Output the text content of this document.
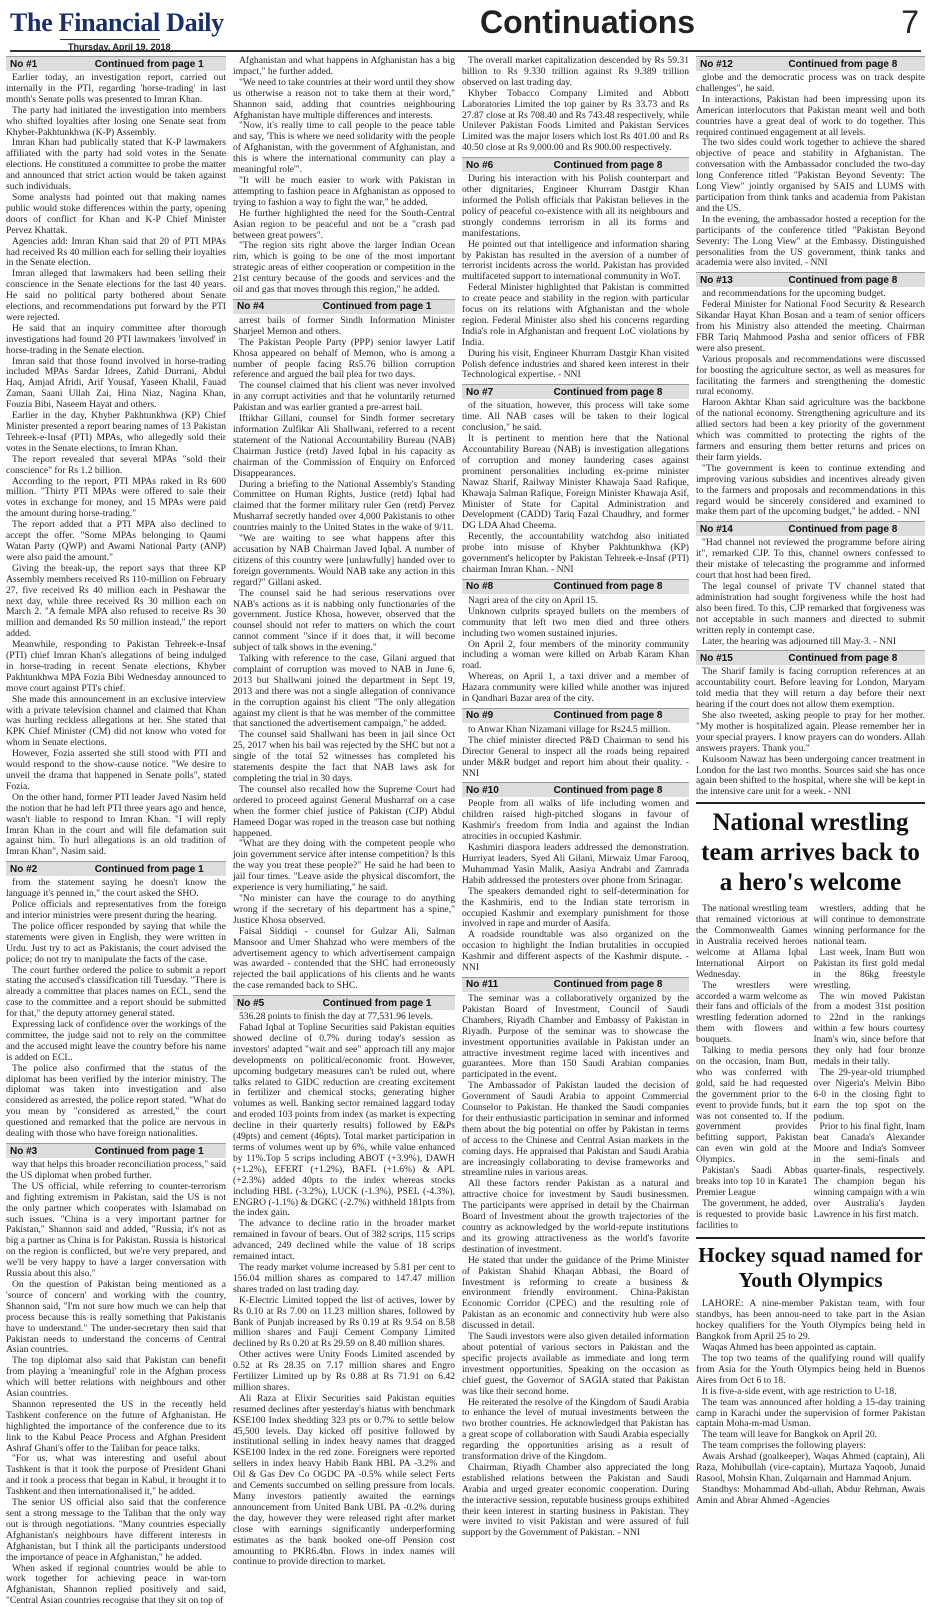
The Financial Daily
Thursday, April 19, 2018
Continuations	7
No #1	Continued from page 1

Earlier today, an investigation report, carried out internally in the PTI, regarding 'horse-trading' in last month's Senate polls was presented to Imran Khan.

The party had initiated the investigation into members who shifted loyalties after losing one Senate seat from Khyber-Pakhtunkhwa (K-P) Assembly.

Imran Khan had publically stated that K-P lawmakers affiliated with the party had sold votes in the Senate elections. He constituted a committee to probe the matter and announced that strict action would be taken against such individuals.

Some analysts had pointed out that making names public would stoke differences within the party, opening doors of conflict for Khan and K-P Chief Minister Pervez Khattak.

Agencies add: Imran Khan said that 20 of PTI MPAs had received Rs 40 million each for selling their loyalties in the Senate election.

Imran alleged that lawmakers had been selling their conscience in the Senate elections for the last 40 years. He said no political party bothered about Senate elections, and recommendations put forward by the PTI were rejected.

He said that an inquiry committee after thorough investigations had found 20 PTI lawmakers 'involved' in horse-trading in the Senate election.

Imran said that those found involved in horse-trading included MPAs Sardar Idrees, Zahid Durrani, Abdul Haq, Amjad Afridi, Arif Yousaf, Yaseen Khalil, Fauad Zaman, Saani Ullah Zai, Hina Niaz, Nagina Khan, Fouzia Bibi, Naseem Hayat and others.

Earlier in the day, Khyber Pakhtunkhwa (KP) Chief Minister presented a report bearing names of 13 Pakistan Tehreek-e-Insaf (PTI) MPAs, who allegedly sold their votes in the Senate elections, to Imran Khan.

The report revealed that several MPAs "sold their conscience" for Rs 1.2 billion.

According to the report, PTI MPAs raked in Rs 600 million. "Thirty PTI MPAs were offered to sale their votes in exchange for money, and 15 MPAs were paid the amount during horse-trading."

The report added that a PTI MPA also declined to accept the offer. "Some MPAs belonging to Qaumi Watan Party (QWP) and Awami National Party (ANP) were also paid the amount."

Giving the break-up, the report says that three KP Assembly members received Rs 110-million on February 27, five received Rs 40 million each in Peshawar the next day, while three received Rs 30 million each on March 2. "A female MPA also refused to receive Rs 30 million and demanded Rs 50 million instead," the report added.

Meanwhile, responding to Pakistan Tehreek-e-Insaf (PTI) chief Imran Khan's allegations of being indulged in horse-trading in recent Senate elections, Khyber Pakhtunkhwa MPA Fozia Bibi Wednesday announced to move court against PTI's chief.

She made this announcement in an exclusive interview with a private television channel and claimed that Khan was hurling reckless allegations at her. She stated that KPK Chief Minister (CM) did not know who voted for whom in Senate elections.

However, Fozia asserted she still stood with PTI and would respond to the show-cause notice. "We desire to unveil the drama that happened in Senate polls", stated Fozia.

On the other hand, former PTI leader Javed Nasim held the notion that he had left PTI three years ago and hence, wasn't liable to respond to Imran Khan. "I will reply Imran Khan in the court and will file defamation suit against him. To hurl allegations is an old tradition of Imran Khan", Nasim said.

No #2	Continued from page 1

from the statement saying he doesn't know the language it's penned in," the court asked the SHO.

Police officials and representatives from the foreign and interior ministries were present during the hearing.

The police officer responded by saying that while the statements were given in English, they were written in Urdu. Just try to act as Pakistanis, the court advised the police; do not try to manipulate the facts of the case.

The court further ordered the police to submit a report stating the accused's classification till Tuesday. "There is already a committee that places names on ECL, send the case to the committee and a report should be submitted for that," the deputy attorney general stated.

Expressing lack of confidence over the workings of the committee, the judge said not to rely on the committee and the accused might leave the country before his name is added on ECL.

The police also confirmed that the status of the diplomat has been verified by the interior ministry. The diplomat was taken into investigation and also considered as arrested, the police report stated. "What do you mean by "considered as arrested," the court questioned and remarked that the police are nervous in dealing with those who have foreign nationalities.

No #3	Continued from page 1

way that helps this broader reconciliation process," said the US diplomat when probed further.

The US official, while referring to counter-terrorism and fighting extremism in Pakistan, said the US is not the only partner which cooperates with Islamabad on such issues. "China is a very important partner for Pakistan," Shannon said and added, "Russia, it's not as big a partner as China is for Pakistan. Russia is historical on the region is conflicted, but we're very prepared, and we'll be very happy to have a larger conversation with Russia about this also."

On the question of Pakistan being mentioned as a 'source of concern' and working with the country, Shannon said, "I'm not sure how much we can help that process because this is really something that Pakistanis have to understand." The under-secretary then said that Pakistan needs to understand the concerns of Central Asian countries.

The top diplomat also said that Pakistan can benefit from playing a 'meaningful' role in the Afghan process which will better relations with neighbours and other Asian countries.

Shannon represented the US in the recently held Tashkent conference on the future of Afghanistan. He highlighted the importance of the conference due to its link to the Kabul Peace Process and Afghan President Ashraf Ghani's offer to the Taliban for peace talks.

"For us, what was interesting and useful about Tashkent is that it took the purpose of President Ghani and it took a process that began in Kabul, it brought it to Tashkent and then internationalised it," he added.

The senior US official also said that the conference sent a strong message to the Taliban that the only way out is through negotiations. "Many countries especially Afghanistan's neighbours have different interests in Afghanistan, but I think all the participants understood the importance of peace in Afghanistan," he added.

When asked if regional countries would be able to work together for achieving peace in war-torn Afghanistan, Shannon replied positively and said, "Central Asian countries recognise that they sit on top of

Afghanistan and what happens in Afghanistan has a big impact," he further added.

"We need to take countries at their word until they show us otherwise a reason not to take them at their word," Shannon said, adding that countries neighbouring Afghanistan have multiple differences and interests.

"Now, it's really time to call people to the peace table and say, 'This is where we need solidarity with the people of Afghanistan, with the government of Afghanistan, and this is where the international community can play a meaningful role'".

"It will be much easier to work with Pakistan in attempting to fashion peace in Afghanistan as opposed to trying to fashion a way to fight the war," he added.

He further highlighted the need for the South-Central Asian region to be peaceful and not be a "crash pad between great powers".

"The region sits right above the larger Indian Ocean rim, which is going to be one of the most important strategic areas of either cooperation or competition in the 21st century because of the goods and services and the oil and gas that moves through this region," he added.

No #4	Continued from page 1

arrest bails of former Sindh Information Minister Sharjeel Memon and others.

The Pakistan People Party (PPP) senior lawyer Latif Khosa appeared on behalf of Memon, who is among a number of people facing Rs5.76 billion corruption reference and argued the bail plea for two days.

The counsel claimed that his client was never involved in any corrupt activities and that he voluntarily returned Pakistan and was earlier granted a pre-arrest bail.

Iftikhar Gillani, counsel for Sindh former secretary information Zulfikar Ali Shallwani, referred to a recent statement of the National Accountability Bureau (NAB) Chairman Justice (retd) Javed Iqbal in his capacity as chairman of the Commission of Enquiry on Enforced Disappearances.

During a briefing to the National Assembly's Standing Committee on Human Rights, Justice (retd) Iqbal had claimed that the former military ruler Gen (retd) Pervez Musharraf secretly handed over 4,000 Pakistanis to other countries mainly to the United States in the wake of 9/11.

"We are waiting to see what happens after this accusation by NAB Chairman Javed Iqbal. A number of citizens of this country were [unlawfully] handed over to foreign governments. Would NAB take any action in this regard?" Gillani asked.

The counsel said he had serious reservations over NAB's actions as it is nabbing only functionaries of the government. Justice Khosa, however, observed that the counsel should not refer to matters on which the court cannot comment "since if it does that, it will become subject of talk shows in the evening."

Talking with reference to the case, Gilani argued that complaint of corruption was moved to NAB in June 6, 2013 but Shallwani joined the department in Sept 19, 2013 and there was not a single allegation of connivance in the corruption against his client "The only allegation against my client is that he was member of the committee that sanctioned the advertisement campaign," he added.

The counsel said Shallwani has been in jail since Oct 25, 2017 when his bail was rejected by the SHC but not a single of the total 52 witnesses has completed his statements despite the fact that NAB laws ask for completing the trial in 30 days.

The counsel also recalled how the Supreme Court had ordered to proceed against General Musharraf on a case when the former chief justice of Pakistan (CJP) Abdul Hameed Dogar was roped in the treason case but nothing happened.

"What are they doing with the competent people who join government service after intense competition? Is this the way you treat these people?" He said he had been to jail four times. "Leave aside the physical discomfort, the experience is very humiliating," he said.

"No minister can have the courage to do anything wrong if the secretary of his department has a spine," Justice Khosa observed.

Faisal Siddiqi - counsel for Gulzar Ali, Salman Mansoor and Umer Shahzad who were members of the advertisement agency to which advertisement campaign was awarded - contended that the SHC had erroneously rejected the bail applications of his clients and he wants the case remanded back to SHC.

No #5	Continued from page 1

536.28 points to finish the day at 77,531.96 levels.

Fahad Iqbal at Topline Securities said Pakistan equities showed decline of 0.7% during today's session as investors' adapted "wait and see" approach till any major developments on political/economic front. However, upcoming budgetary measures can't be ruled out, where talks related to GIDC reduction are creating excitement in fertilizer and chemical stocks, generating higher volumes as well. Banking sector remained laggard today and eroded 103 points from index (as market is expecting decline in their quarterly results) followed by E&Ps (49pts) and cement (46pts). Total market participation in terms of volumes went up by 6%, while value enhanced by 11%.Top 5 scrips including ABOT (+3.9%), DAWH (+1.2%), EFERT (+1.2%), BAFL (+1.6%) & APL (+2.3%) added 40pts to the index whereas stocks including HBL (-3.2%), LUCK (-1.3%), PSEL (-4.3%), ENGRO (-1.1%) & DGKC (-2.7%) withheld 181pts from the index gain.

The advance to decline ratio in the broader market remained in favour of bears. Out of 382 scrips, 115 scrips advanced, 249 declined while the value of 18 scrips remained intact.

The ready market volume increased by 5.81 per cent to 156.04 million shares as compared to 147.47 million shares traded on last trading day.

K-Electric Limited topped the list of actives, lower by Rs 0.10 at Rs 7.00 on 11.23 million shares, followed by Bank of Punjab increased by Rs 0.19 at Rs 9.54 on 8.58 million shares and Fauji Cement Company Limited declined by Rs 0.20 at Rs 29.59 on 8.40 million shares.

Other actives were Unity Foods Limited ascended by 0.52 at Rs 28.35 on 7.17 million shares and Engro Fertilizer Limited up by Rs 0.88 at Rs 71.91 on 6.42 million shares.

Ali Raza at Elixir Securities said Pakistan equities resumed declines after yesterday's hiatus with benchmark KSE100 Index shedding 323 pts or 0.7% to settle below 45,500 levels. Day kicked off positive followed by institutional selling in index heavy names that dragged KSE100 Index in the red zone. Foreigners were reported sellers in index heavy Habib Bank HBL PA -3.2% and Oil & Gas Dev Co OGDC PA -0.5% while select Ferts and Cements succumbed on selling pressure from locals. Many investors patiently awaited the earnings announcement from United Bank UBL PA -0.2% during the day, however they were released right after market close with earnings significantly underperforming estimates as the bank booked one-off Pension cost amounting to PKR6.4bn. Flows in index names will continue to provide direction to market.

The overall market capitalization descended by Rs 59.31 billion to Rs 9.330 trillion against Rs 9.389 trillion observed on last trading day.

Khyber Tobacco Company Limited and Abbott Laboratories Limited the top gainer by Rs 33.73 and Rs 27.87 close at Rs 708.40 and Rs 743.48 respectively, while Unilever Pakistan Foods Limited and Pakistan Services Limited was the major losers which lost Rs 401.00 and Rs 40.50 close at Rs 9,000.00 and Rs 900.00 respectively.

No #6	Continued from page 8

During his interaction with his Polish counterpart and other dignitaries, Engineer Khurram Dastgir Khan informed the Polish officials that Pakistan believes in the policy of peaceful co-existence with all its neighbours and strongly condemns terrorism in all its forms and manifestations.

He pointed out that intelligence and information sharing by Pakistan has resulted in the aversion of a number of terrorist incidents across the world. Pakistan has provided multifaceted support to international community in WoT.

Federal Minister highlighted that Pakistan is committed to create peace and stability in the region with particular focus on its relations with Afghanistan and the whole region. Federal Minister also shed his concerns regarding India's role in Afghanistan and frequent LoC violations by India.

During his visit, Engineer Khurram Dastgir Khan visited Polish defence industries and shared keen interest in their Technological expertise. - NNI

No #7	Continued from page 8

of the situation, however, this process will take some time. All NAB cases will be taken to their logical conclusion," he said.

It is pertinent to mention here that the National Accountability Bureau (NAB) is investigation allegations of corruption and money laundering cases against prominent personalities including ex-prime minister Nawaz Sharif, Railway Minister Khawaja Saad Rafique, Khawaja Salman Rafique, Foreign Minister Khawaja Asif, Minister of State for Capital Administration and Development (CADD) Tariq Fazal Chaudhry, and former DG LDA Ahad Cheema.

Recently, the accountability watchdog also initiated probe into misuse of Khyber Pakhtunkhwa (KP) government's helicopter by Pakistan Tehreek-e-Insaf (PTI) chairman Imran Khan. - NNI

No #8	Continued from page 8

Nagri area of the city on April 15.

Unknown culprits sprayed bullets on the members of community that left two men died and three others including two women sustained injuries.

On April 2, four members of the minority community including a woman were killed on Arbab Karam Khan road.

Whereas, on April 1, a taxi driver and a member of Hazara community were killed while another was injured in Qandhari Bazar area of the city.

No #9	Continued from page 8

to Anwar Khan Nizamani village for Rs24.5 million.

The chief minister directed P&D Chairman to send his Director General to inspect all the roads being repaired under M&R budget and report him about their quality. - NNI

No #10	Continued from page 8

People from all walks of life including women and children raised high-pitched slogans in favour of Kashmir's freedom from India and against the Indian atrocities in occupied Kashmir.

Kashmiri diaspora leaders addressed the demonstration. Hurriyat leaders, Syed Ali Gilani, Mirwaiz Umar Farooq, Muhammad Yasin Malik, Aasiya Andrabi and Zamrada Habib addressed the protesters over phone from Srinagar.

The speakers demanded right to self-determination for the Kashmiris, end to the Indian state terrorism in occupied Kashmir and exemplary punishment for those involved in rape and murder of Aasifa.

A roadside roundtable was also organized on the occasion to highlight the Indian brutalities in occupied Kashmir and different aspects of the Kashmir dispute. - NNI

No #11	Continued from page 8

The seminar was a collaboratively organized by the Pakistan Board of Investment, Council of Saudi Chambers, Riyadh Chamber and Embassy of Pakistan in Riyadh. Purpose of the seminar was to showcase the investment opportunities available in Pakistan under an attractive investment regime laced with incentives and guarantees. More than 150 Saudi Arabian companies participated in the event.

The Ambassador of Pakistan lauded the decision of Government of Saudi Arabia to appoint Commercial Counselor to Pakistan. He thanked the Saudi companies for their enthusiastic participation in seminar and informed them about the big potential on offer by Pakistan in terms of access to the Chinese and Central Asian markets in the coming days. He appraised that Pakistan and Saudi Arabia are increasingly collaborating to devise frameworks and streamline rules in various areas.

All these factors render Pakistan as a natural and attractive choice for investment by Saudi businessmen. The participants were apprised in detail by the Chairman Board of Investment about the growth trajectories of the country as acknowledged by the world-repute institutions and its growing attractiveness as the world's favorite destination of investment.

He stated that under the guidance of the Prime Minister of Pakistan Shahid Khaqan Abbasi, the Board of Investment is reforming to create a business & environment friendly environment. China-Pakistan Economic Corridor (CPEC) and the resulting role of Pakistan as an economic and connectivity hub were also discussed in detail.

The Saudi investors were also given detailed information about potential of various sectors in Pakistan and the specific projects available as immediate and long term investment opportunities. Speaking on the occasion as chief guest, the Governor of SAGIA stated that Pakistan was like their second home.

He reiterated the resolve of the Kingdom of Saudi Arabia to enhance the level of mutual investments between the two brother countries. He acknowledged that Pakistan has a great scope of collaboration with Saudi Arabia especially regarding the opportunities arising as a result of transformation drive of the Kingdom.

Chairman, Riyadh Chamber also appreciated the long established relations between the Pakistan and Saudi Arabia and urged greater economic cooperation. During the interactive session, reputable business groups exhibited their keen interest in starting business in Pakistan. They were invited to visit Pakistan and were assured of full support by the Government of Pakistan. - NNI

No #12	Continued from page 8

globe and the democratic process was on track despite challenges", he said.

In interactions, Pakistan had been impressing upon its American interlocutors that Pakistan meant well and both countries have a great deal of work to do together. This required continued engagement at all levels.

The two sides could work together to achieve the shared objective of peace and stability in Afghanistan. The conversation with the Ambassador concluded the two-day long Conference titled "Pakistan Beyond Seventy: The Long View" jointly organised by SAIS and LUMS with participation from think tanks and academia from Pakistan and the US.

In the evening, the ambassador hosted a reception for the participants of the conference titled "Pakistan Beyond Seventy: The Long View" at the Embassy. Distinguished personalities from the US government, think tanks and academia were also invited. - NNI

No #13	Continued from page 8

and recommendations for the upcoming budget.

Federal Minister for National Food Security & Research Sikandar Hayat Khan Bosan and a team of senior officers from his Ministry also attended the meeting. Chairman FBR Tariq Mahmood Pasha and senior officers of FBR were also present.

Various proposals and recommendations were discussed for boosting the agriculture sector, as well as measures for facilitating the farmers and strengthening the domestic rural economy.

Haroon Akhtar Khan said agriculture was the backbone of the national economy. Strengthening agriculture and its allied sectors had been a key priority of the government which was committed to protecting the rights of the farmers and ensuring them better returns and prices on their farm yields.

"The government is keen to continue extending and improving various subsidies and incentives already given to the farmers and proposals and recommendations in this regard would be sincerely considered and examined to make them part of the upcoming budget," he added. - NNI

No #14	Continued from page 8

"Had channel not reviewed the programme before airing it", remarked CJP. To this, channel owners confessed to their mistake of telecasting the programme and informed court that host had been fired.

The legal counsel of private TV channel stated that administration had sought forgiveness while the host had also been fired. To this, CJP remarked that forgiveness was not acceptable in such manners and directed to submit written reply in contempt case.

Later, the hearing was adjourned till May-3. - NNI

No #15	Continued from page 8

The Sharif family is facing corruption references at an accountability court. Before leaving for London, Maryam told media that they will return a day before their next hearing if the court does not allow them exemption.

She also tweeted, asking people to pray for her mother. "My mother is hospitalized again. Please remember her in your special prayers. I know prayers can do wonders. Allah answers prayers. Thank you."

Kulsoom Nawaz has been undergoing cancer treatment in London for the last two months. Sources said she has once again been shifted to the hospital, where she will be kept in the intensive care unit for a week. - NNI

National wrestling team arrives back to a hero's welcome

The national wrestling team that remained victorious at the Commonwealth Games in Australia received heroes welcome at Allama Iqbal International Airport on Wednesday.

The wrestlers were accorded a warm welcome as their fans and officials of the wrestling federation adorned them with flowers and bouquets.

Talking to media persons on the occasion, Inam Butt, who was conferred with gold, said he had requested the government prior to the event to provide funds, but it was not consented to. If the government provides befitting support, Pakistan can even win gold at the Olympics.

Pakistan's Saadi Abbas breaks into top 10 in Karate1 Premier League

The government, he added, is requested to provide basic facilities to

wrestlers, adding that he will continue to demonstrate winning performance for the national team.

Last week, Inam Butt won Pakistan its first gold medal in the 86kg freestyle wrestling.

The win moved Pakistan from a modest 31st position to 22nd in the rankings within a few hours courtesy Inam's win, since before that they only had four bronze medals in their tally.

The 29-year-old triumphed over Nigeria's Melvin Bibo 6-0 in the closing fight to earn the top spot on the podium.

Prior to his final fight, Inam beat Canada's Alexander Moore and India's Somveer in the semi-finals and quarter-finals, respectively. The champion began his winning campaign with a win over Australia's Jayden Lawrence in his first match.

Hockey squad named for Youth Olympics

LAHORE: A nine-member Pakistan team, with four standbys, has been annou-need to take part in the Asian hockey qualifiers for the Youth Olympics being held in Bangkok from April 25 to 29.

Waqas Ahmed has been appointed as captain.

The top two teams of the qualifying round will qualify from Asia for the Youth Olympics being held in Buenos Aires from Oct 6 to 18.

It is five-a-side event, with age restriction to U-18.

The team was announced after holding a 15-day training camp in Karachi under the supervision of former Pakistan captain Moha-m-mad Usman.

The team will leave for Bangkok on April 20.

The team comprises the following players:

Awais Arshad (goalkeeper), Waqas Ahmed (captain), Ali Raza, Mohibullah (vice-captain), Murtaza Yaqoob, Junaid Rasool, Mohsin Khan, Zulqarnain and Hammad Anjum.

Standbys: Mohammad Abd-ullah, Abdur Rehman, Awais Amin and Abrar Ahmed -Agencies
